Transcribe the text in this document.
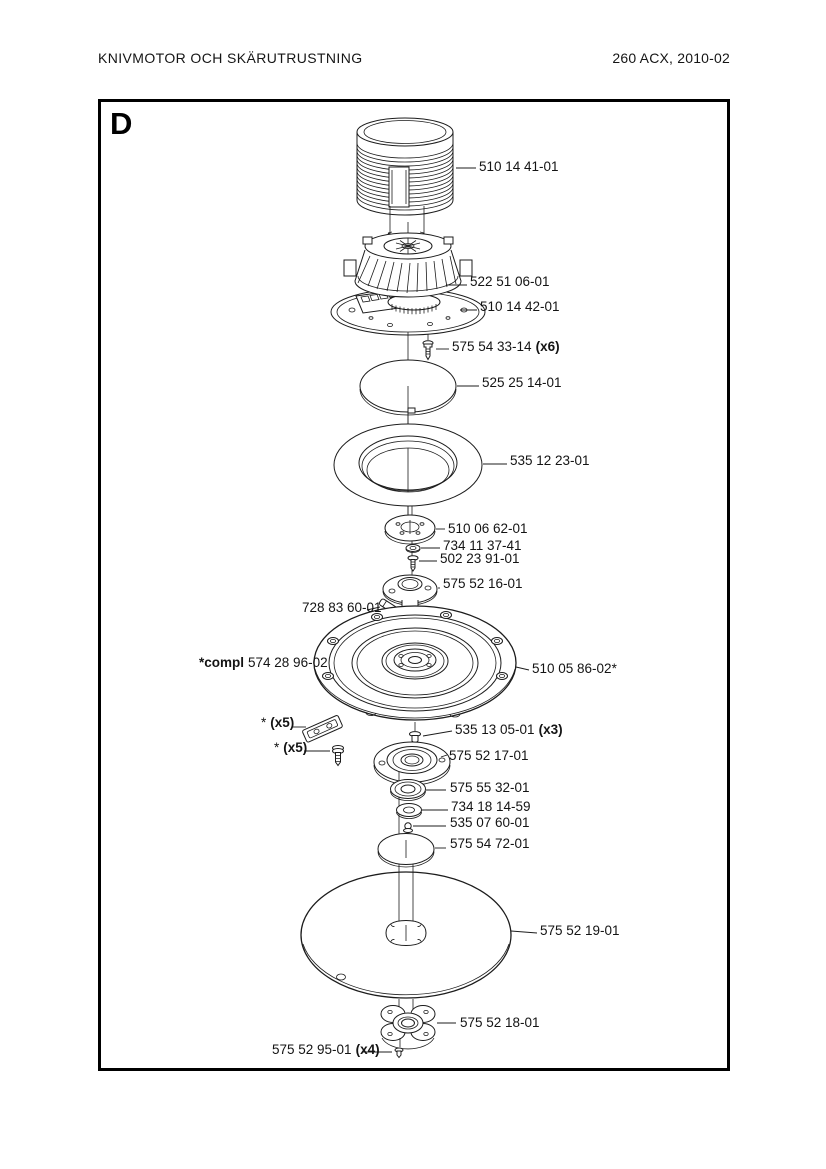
KNIVMOTOR OCH SKÄRUTRUSTNING	260 ACX, 2010-02
D
510 14 41-01
522 51 06-01
510 14 42-01
575 54 33-14 (x6)
525 25 14-01
535 12 23-01
510 06 62-01
734 11 37-41
502 23 91-01
575 52 16-01
728 83 60-01
*compl 574 28 96-02	510 05 86-02*
* (x5)
* (x5)
535 13 05-01 (x3)
575 52 17-01
575 55 32-01
734 18 14-59
535 07 60-01
575 54 72-01
575 52 19-01
575 52 18-01
575 52 95-01 (x4)
